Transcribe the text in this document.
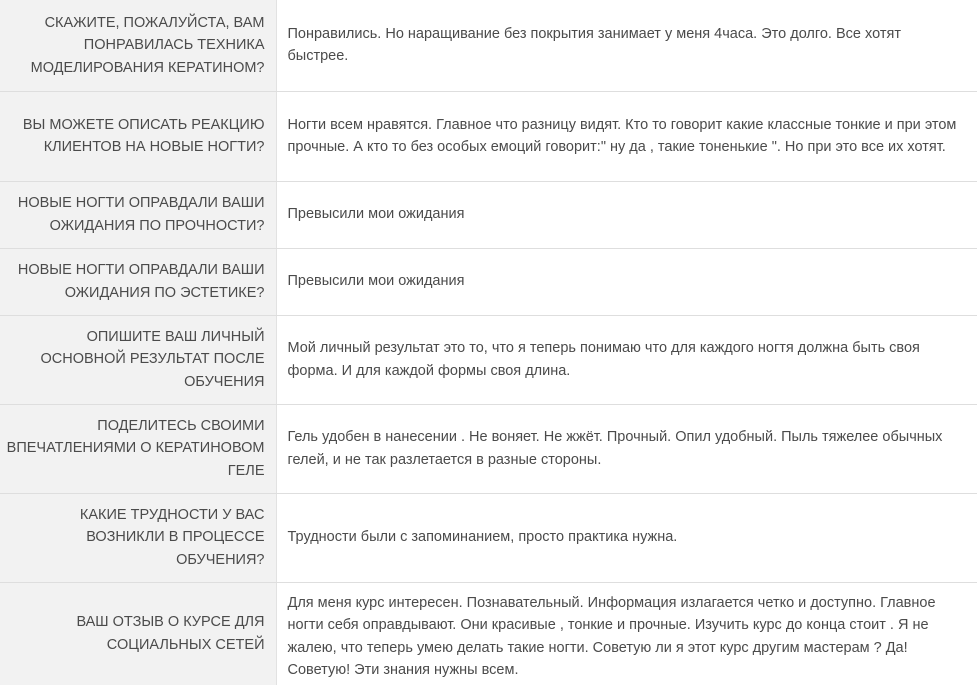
СКАЖИТЕ, ПОЖАЛУЙСТА, ВАМ ПОНРАВИЛАСЬ ТЕХНИКА МОДЕЛИРОВАНИЯ КЕРАТИНОМ?	Понравились. Но наращивание без покрытия занимает у меня 4часа. Это долго. Все хотят быстрее.
ВЫ МОЖЕТЕ ОПИСАТЬ РЕАКЦИЮ КЛИЕНТОВ НА НОВЫЕ НОГТИ?	Ногти всем нравятся. Главное что разницу видят. Кто то говорит какие классные тонкие и при этом прочные. А кто то без особых емоций говорит:" ну да , такие тоненькие ". Но при это все их хотят.
НОВЫЕ НОГТИ ОПРАВДАЛИ ВАШИ ОЖИДАНИЯ ПО ПРОЧНОСТИ?	Превысили мои ожидания
НОВЫЕ НОГТИ ОПРАВДАЛИ ВАШИ ОЖИДАНИЯ ПО ЭСТЕТИКЕ?	Превысили мои ожидания
ОПИШИТЕ ВАШ ЛИЧНЫЙ ОСНОВНОЙ РЕЗУЛЬТАТ ПОСЛЕ ОБУЧЕНИЯ	Мой личный результат это то, что я теперь понимаю что для каждого ногтя должна быть своя форма. И для каждой формы своя длина.
ПОДЕЛИТЕСЬ СВОИМИ ВПЕЧАТЛЕНИЯМИ О КЕРАТИНОВОМ ГЕЛЕ	Гель удобен в нанесении . Не воняет. Не жжёт. Прочный. Опил удобный. Пыль тяжелее обычных гелей, и не так разлетается в разные стороны.
КАКИЕ ТРУДНОСТИ У ВАС ВОЗНИКЛИ В ПРОЦЕССЕ ОБУЧЕНИЯ?	Трудности были с запоминанием, просто практика нужна.
ВАШ ОТЗЫВ О КУРСЕ ДЛЯ СОЦИАЛЬНЫХ СЕТЕЙ	Для меня курс интересен. Познавательный. Информация излагается четко и доступно. Главное ногти себя оправдывают. Они красивые , тонкие и прочные. Изучить курс до конца стоит . Я не жалею, что теперь умею делать такие ногти. Советую ли я этот курс другим мастерам ? Да! Советую! Эти знания нужны всем.
